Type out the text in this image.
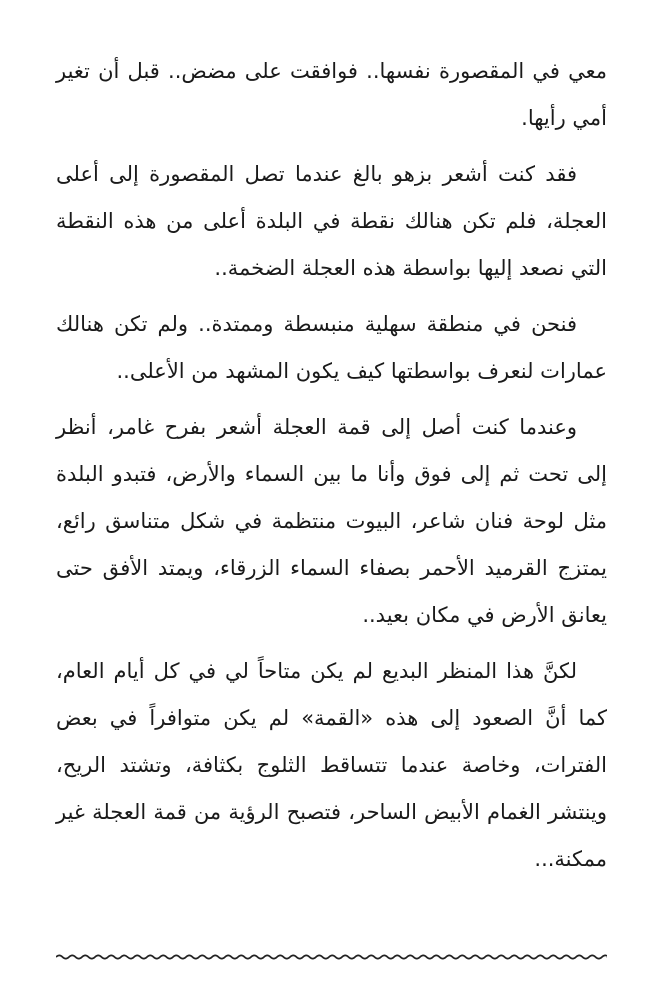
معي في المقصورة نفسها.. فوافقت على مضض.. قبل أن تغير أمي رأيها.

فقد كنت أشعر بزهو بالغ عندما تصل المقصورة إلى أعلى العجلة، فلم تكن هنالك نقطة في البلدة أعلى من هذه النقطة التي نصعد إليها بواسطة هذه العجلة الضخمة..

فنحن في منطقة سهلية منبسطة وممتدة.. ولم تكن هنالك عمارات لنعرف بواسطتها كيف يكون المشهد من الأعلى..

وعندما كنت أصل إلى قمة العجلة أشعر بفرح غامر، أنظر إلى تحت ثم إلى فوق وأنا ما بين السماء والأرض، فتبدو البلدة مثل لوحة فنان شاعر، البيوت منتظمة في شكل متناسق رائع، يمتزج القرميد الأحمر بصفاء السماء الزرقاء، ويمتد الأفق حتى يعانق الأرض في مكان بعيد..

لكنَّ هذا المنظر البديع لم يكن متاحاً لي في كل أيام العام، كما أنَّ الصعود إلى هذه «القمة» لم يكن متوافراً في بعض الفترات، وخاصة عندما تتساقط الثلوج بكثافة، وتشتد الريح، وينتشر الغمام الأبيض الساحر، فتصبح الرؤية من قمة العجلة غير ممكنة...
